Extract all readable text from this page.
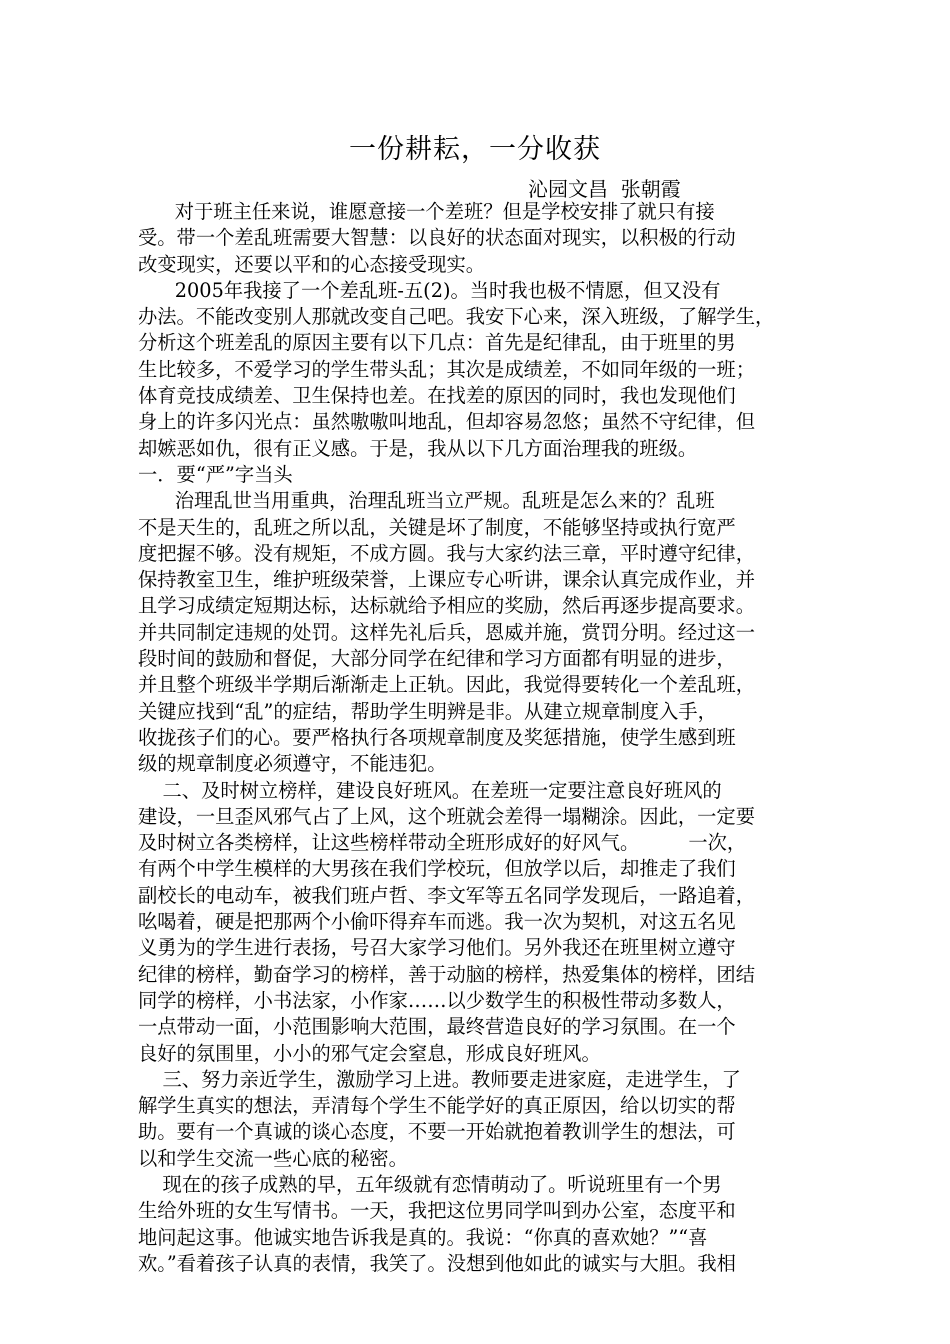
一份耕耘，一分收获
沁园文昌  张朝霞
对于班主任来说，谁愿意接一个差班？但是学校安排了就只有接
受。带一个差乱班需要大智慧：以良好的状态面对现实，以积极的行动
改变现实，还要以平和的心态接受现实。
2005年我接了一个差乱班-五(2)。当时我也极不情愿，但又没有
办法。不能改变别人那就改变自己吧。我安下心来，深入班级，了解学生，
分析这个班差乱的原因主要有以下几点：首先是纪律乱，由于班里的男
生比较多，不爱学习的学生带头乱；其次是成绩差，不如同年级的一班；
体育竞技成绩差、卫生保持也差。在找差的原因的同时，我也发现他们
身上的许多闪光点：虽然嗷嗷叫地乱，但却容易忽悠；虽然不守纪律，但
却嫉恶如仇，很有正义感。于是，我从以下几方面治理我的班级。
一．要“严”字当头
治理乱世当用重典，治理乱班当立严规。乱班是怎么来的？乱班
不是天生的，乱班之所以乱，关键是坏了制度，不能够坚持或执行宽严
度把握不够。没有规矩，不成方圆。我与大家约法三章，平时遵守纪律，
保持教室卫生，维护班级荣誉，上课应专心听讲，课余认真完成作业，并
且学习成绩定短期达标，达标就给予相应的奖励，然后再逐步提高要求。
并共同制定违规的处罚。这样先礼后兵，恩威并施，赏罚分明。经过这一
段时间的鼓励和督促，大部分同学在纪律和学习方面都有明显的进步，
并且整个班级半学期后渐渐走上正轨。因此，我觉得要转化一个差乱班，
关键应找到“乱”的症结，帮助学生明辨是非。从建立规章制度入手，
收拢孩子们的心。要严格执行各项规章制度及奖惩措施，使学生感到班
级的规章制度必须遵守，不能违犯。
二、及时树立榜样，建设良好班风。在差班一定要注意良好班风的
建设，一旦歪风邪气占了上风，这个班就会差得一塌糊涂。因此，一定要
及时树立各类榜样，让这些榜样带动全班形成好的好风气。        一次，
有两个中学生模样的大男孩在我们学校玩，但放学以后，却推走了我们
副校长的电动车，被我们班卢哲、李文军等五名同学发现后，一路追着，
吆喝着，硬是把那两个小偷吓得弃车而逃。我一次为契机，对这五名见
义勇为的学生进行表扬，号召大家学习他们。另外我还在班里树立遵守
纪律的榜样，勤奋学习的榜样，善于动脑的榜样，热爱集体的榜样，团结
同学的榜样，小书法家，小作家……以少数学生的积极性带动多数人，
一点带动一面，小范围影响大范围，最终营造良好的学习氛围。在一个
良好的氛围里，小小的邪气定会窒息，形成良好班风。
三、努力亲近学生，激励学习上进。教师要走进家庭，走进学生，了
解学生真实的想法，弄清每个学生不能学好的真正原因，给以切实的帮
助。要有一个真诚的谈心态度，不要一开始就抱着教训学生的想法，可
以和学生交流一些心底的秘密。
现在的孩子成熟的早，五年级就有恋情萌动了。听说班里有一个男
生给外班的女生写情书。一天，我把这位男同学叫到办公室，态度平和
地问起这事。他诚实地告诉我是真的。我说：“你真的喜欢她？”“喜
欢。”看着孩子认真的表情，我笑了。没想到他如此的诚实与大胆。我相
